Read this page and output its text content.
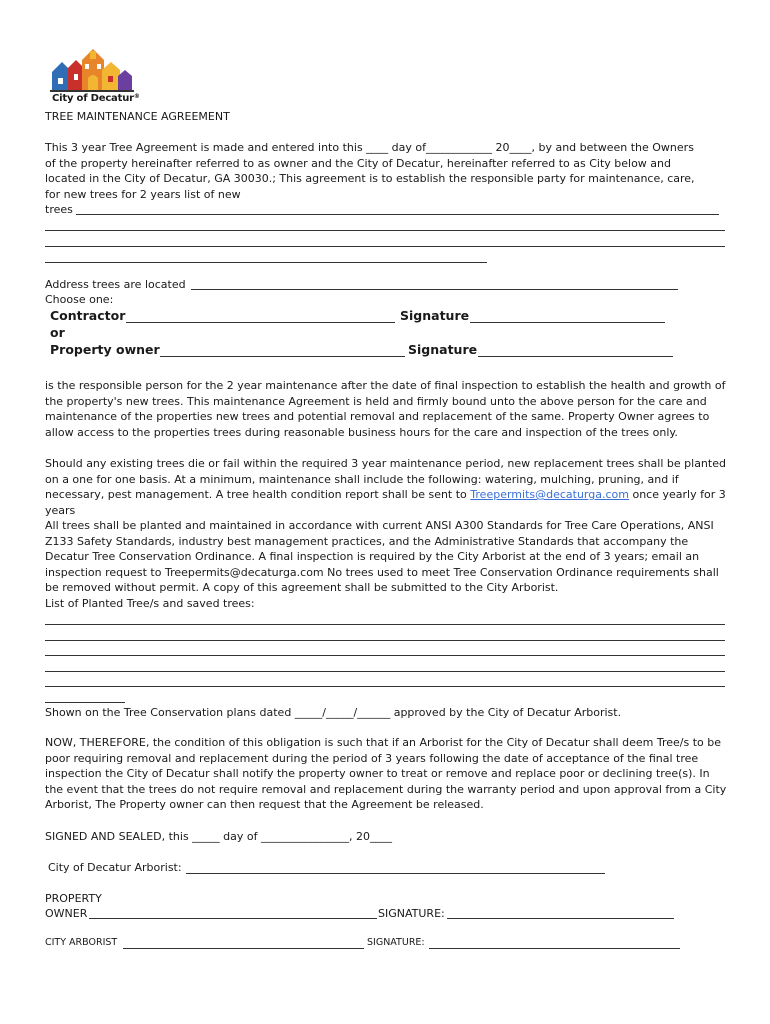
City of Decatur®
TREE MAINTENANCE AGREEMENT
This 3 year Tree Agreement is made and entered into this ____ day of____________ 20____, by and between the Owners
of the property hereinafter referred to as owner and the City of Decatur, hereinafter referred to as City below and
located in the City of Decatur, GA 30030.; This agreement is to establish the responsible party for maintenance, care,
for new trees for 2 years list of new
trees
Address trees are located
Choose one:
Contractor	Signature
or
Property owner	Signature
is the responsible person for the 2 year maintenance after the date of final inspection to establish the health and growth of the property's new trees. This maintenance Agreement is held and firmly bound unto the above person for the care and maintenance of the properties new trees and potential removal and replacement of the same. Property Owner agrees to allow access to the properties trees during reasonable business hours for the care and inspection of the trees only.
Should any existing trees die or fail within the required 3 year maintenance period, new replacement trees shall be planted on a one for one basis. At a minimum, maintenance shall include the following: watering, mulching, pruning, and if necessary, pest management. A tree health condition report shall be sent to Treepermits@decaturga.com once yearly for 3 years
All trees shall be planted and maintained in accordance with current ANSI A300 Standards for Tree Care Operations, ANSI Z133 Safety Standards, industry best management practices, and the Administrative Standards that accompany the Decatur Tree Conservation Ordinance. A final inspection is required by the City Arborist at the end of 3 years; email an inspection request to Treepermits@decaturga.com No trees used to meet Tree Conservation Ordinance requirements shall be removed without permit. A copy of this agreement shall be submitted to the City Arborist.
List of Planted Tree/s and saved trees:
Shown on the Tree Conservation plans dated _____/_____/______ approved by the City of Decatur Arborist.
NOW, THEREFORE, the condition of this obligation is such that if an Arborist for the City of Decatur shall deem Tree/s to be poor requiring removal and replacement during the period of 3 years following the date of acceptance of the final tree inspection the City of Decatur shall notify the property owner to treat or remove and replace poor or declining tree(s). In the event that the trees do not require removal and replacement during the warranty period and upon approval from a City Arborist, The Property owner can then request that the Agreement be released.
SIGNED AND SEALED, this _____ day of ________________, 20____
City of Decatur Arborist:
PROPERTY
OWNER	SIGNATURE:
CITY ARBORIST	SIGNATURE:
